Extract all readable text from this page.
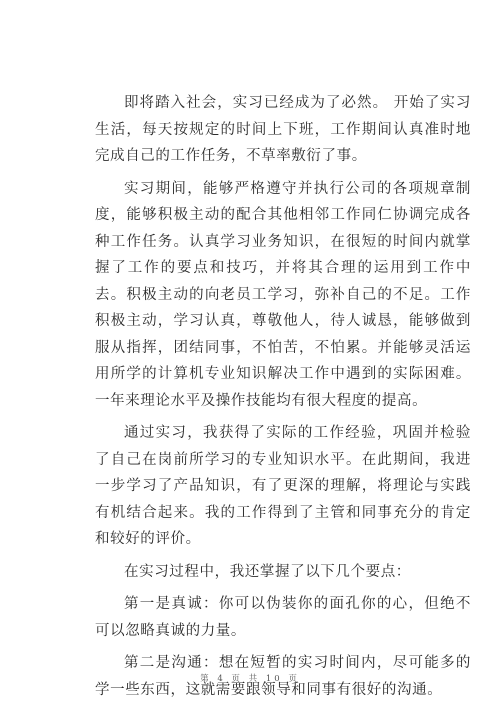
即将踏入社会，实习已经成为了必然。 开始了实习生活，每天按规定的时间上下班，工作期间认真准时地完成自己的工作任务，不草率敷衍了事。

实习期间，能够严格遵守并执行公司的各项规章制度，能够积极主动的配合其他相邻工作同仁协调完成各种工作任务。认真学习业务知识，在很短的时间内就掌握了工作的要点和技巧，并将其合理的运用到工作中去。积极主动的向老员工学习，弥补自己的不足。工作积极主动，学习认真，尊敬他人，待人诚恳，能够做到服从指挥，团结同事，不怕苦，不怕累。并能够灵活运用所学的计算机专业知识解决工作中遇到的实际困难。一年来理论水平及操作技能均有很大程度的提高。

通过实习，我获得了实际的工作经验，巩固并检验了自己在岗前所学习的专业知识水平。在此期间，我进一步学习了产品知识，有了更深的理解，将理论与实践有机结合起来。我的工作得到了主管和同事充分的肯定和较好的评价。

在实习过程中，我还掌握了以下几个要点：

第一是真诚：你可以伪装你的面孔你的心，但绝不可以忽略真诚的力量。

第二是沟通：想在短暂的实习时间内，尽可能多的学一些东西，这就需要跟领导和同事有很好的沟通。

第 4 页 共 10 页
